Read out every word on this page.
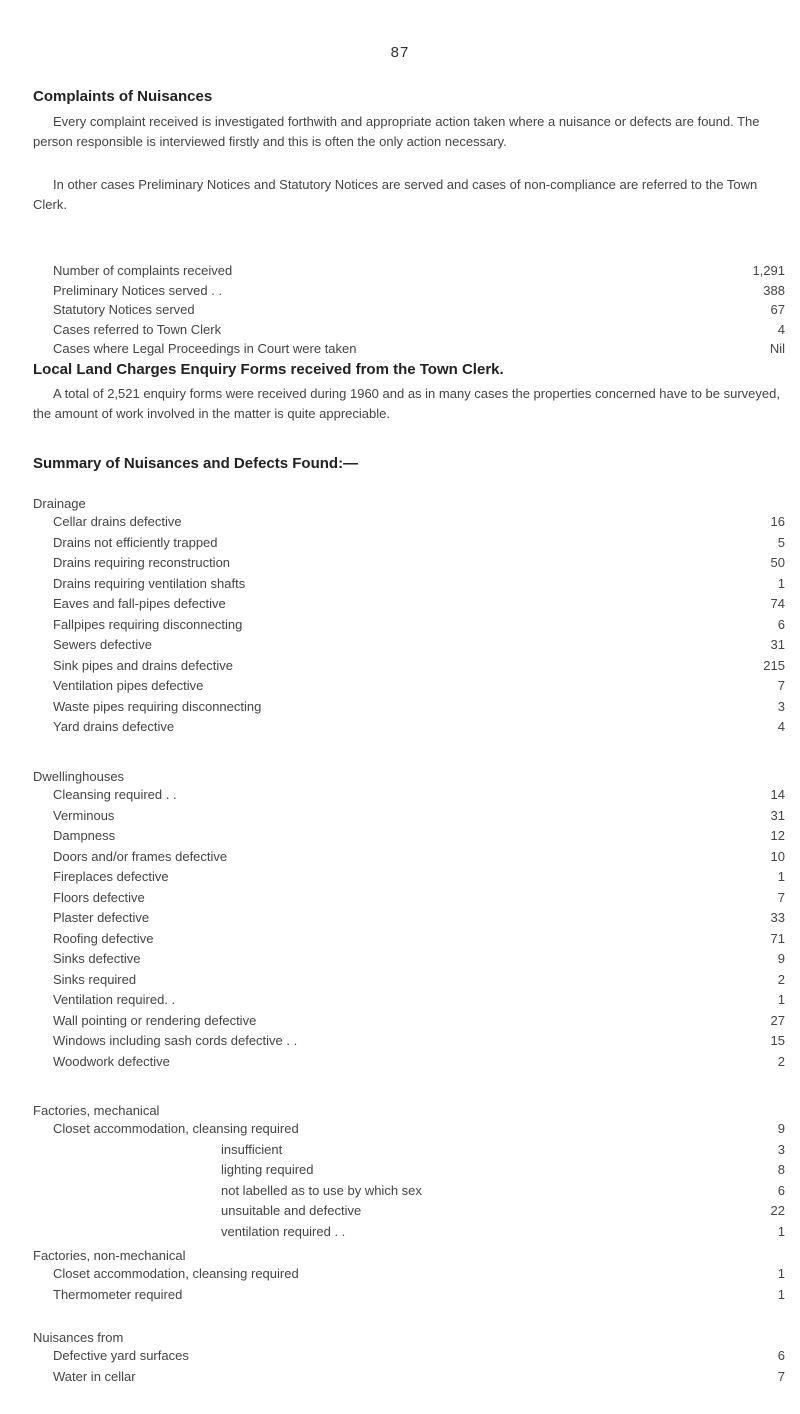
87
Complaints of Nuisances

Every complaint received is investigated forthwith and appropriate action taken where a nuisance or defects are found. The person responsible is interviewed firstly and this is often the only action necessary.

In other cases Preliminary Notices and Statutory Notices are served and cases of non-compliance are referred to the Town Clerk.

Number of complaints received	1,291
Preliminary Notices served . .	388
Statutory Notices served	67
Cases referred to Town Clerk	4
Cases where Legal Proceedings in Court were taken	Nil
Local Land Charges Enquiry Forms received from the Town Clerk.

A total of 2,521 enquiry forms were received during 1960 and as in many cases the properties concerned have to be surveyed, the amount of work involved in the matter is quite appreciable.

Summary of Nuisances and Defects Found:—
Drainage
Cellar drains defective	16
Drains not efficiently trapped	5
Drains requiring reconstruction	50
Drains requiring ventilation shafts	1
Eaves and fall-pipes defective	74
Fallpipes requiring disconnecting	6
Sewers defective	31
Sink pipes and drains defective	215
Ventilation pipes defective	7
Waste pipes requiring disconnecting	3
Yard drains defective	4
Dwellinghouses
Cleansing required . .	14
Verminous	31
Dampness	12
Doors and/or frames defective	10
Fireplaces defective	1
Floors defective	7
Plaster defective	33
Roofing defective	71
Sinks defective	9
Sinks required	2
Ventilation required. .	1
Wall pointing or rendering defective	27
Windows including sash cords defective . .	15
Woodwork defective	2
Factories, mechanical
Closet accommodation, cleansing required	9
insufficient	3
lighting required	8
not labelled as to use by which sex	6
unsuitable and defective	22
ventilation required . .	1
Factories, non-mechanical
Closet accommodation, cleansing required	1
Thermometer required	1
Nuisances from
Defective yard surfaces	6
Water in cellar	7
